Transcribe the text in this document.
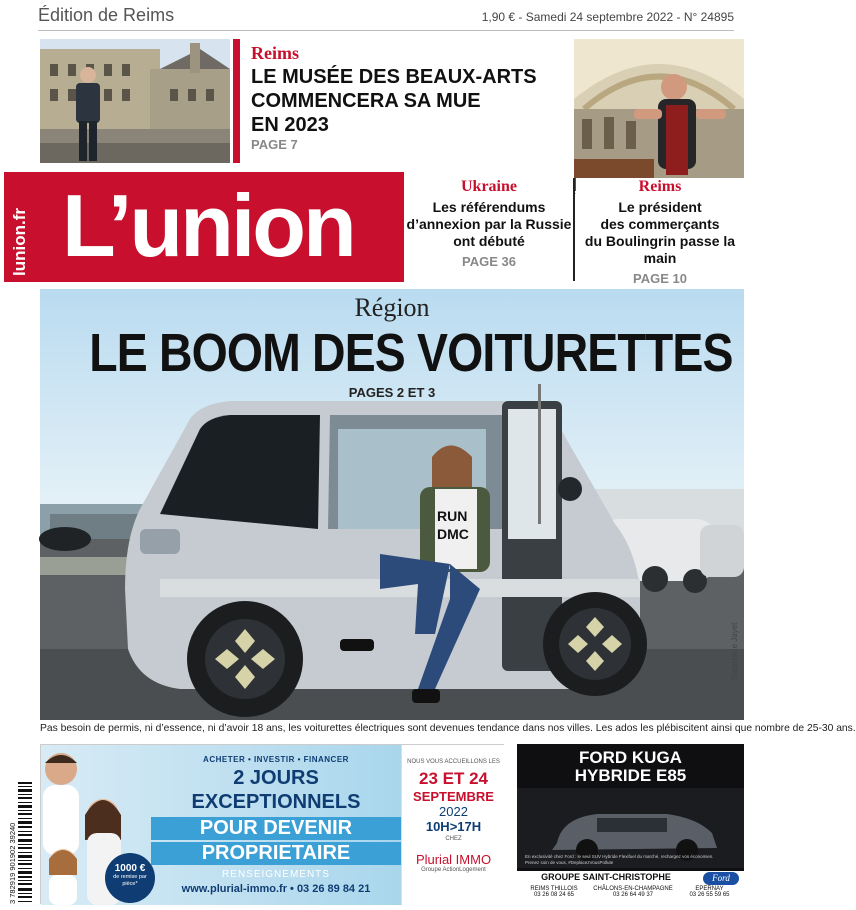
Édition de Reims	1,90 € - Samedi 24 septembre 2022 - N° 24895
Reims
LE MUSÉE DES BEAUX-ARTS
COMMENCERA SA MUE
EN 2023
PAGE 7
lunion.fr L’union	Ukraine
Les référendums
d’annexion par la Russie
ont débuté
PAGE 36
Reims
Le président
des commerçants
du Boulingrin passe la main
PAGE 10
RUN
DMC
Région
LE BOOM DES VOITURETTES
PAGES 2 ET 3
Stéphanie Jayet
Pas besoin de permis, ni d’essence, ni d’avoir 18 ans, les voiturettes électriques sont devenues tendance dans nos villes. Les ados les plébiscitent ainsi que nombre de 25-30 ans.
3 782919 901902 39240
ACHETER • INVESTIR • FINANCER
2 JOURS
EXCEPTIONNELS
POUR DEVENIR
PROPRIETAIRE
RENSEIGNEMENTS
www.plurial-immo.fr • 03 26 89 84 21
1000 €
de remise par pièce*
NOUS VOUS ACCUEILLONS LES
23 ET 24
SEPTEMBRE
2022
10H>17H
CHEZ
Plurial IMMO
Groupe ActionLogement
FORD KUGA
HYBRIDE E85
En exclusivité chez Ford : le seul SUV Hybride Flexifuel du marché, rechargez vos économies. Prenez soin de vous, #DeplacezVousPollute
GROUPE SAINT-CHRISTOPHE	Ford
REIMS THILLOIS
03 26 08 24 65
CHÂLONS-EN-CHAMPAGNE
03 26 64 49 37
EPERNAY
03 26 55 59 65
